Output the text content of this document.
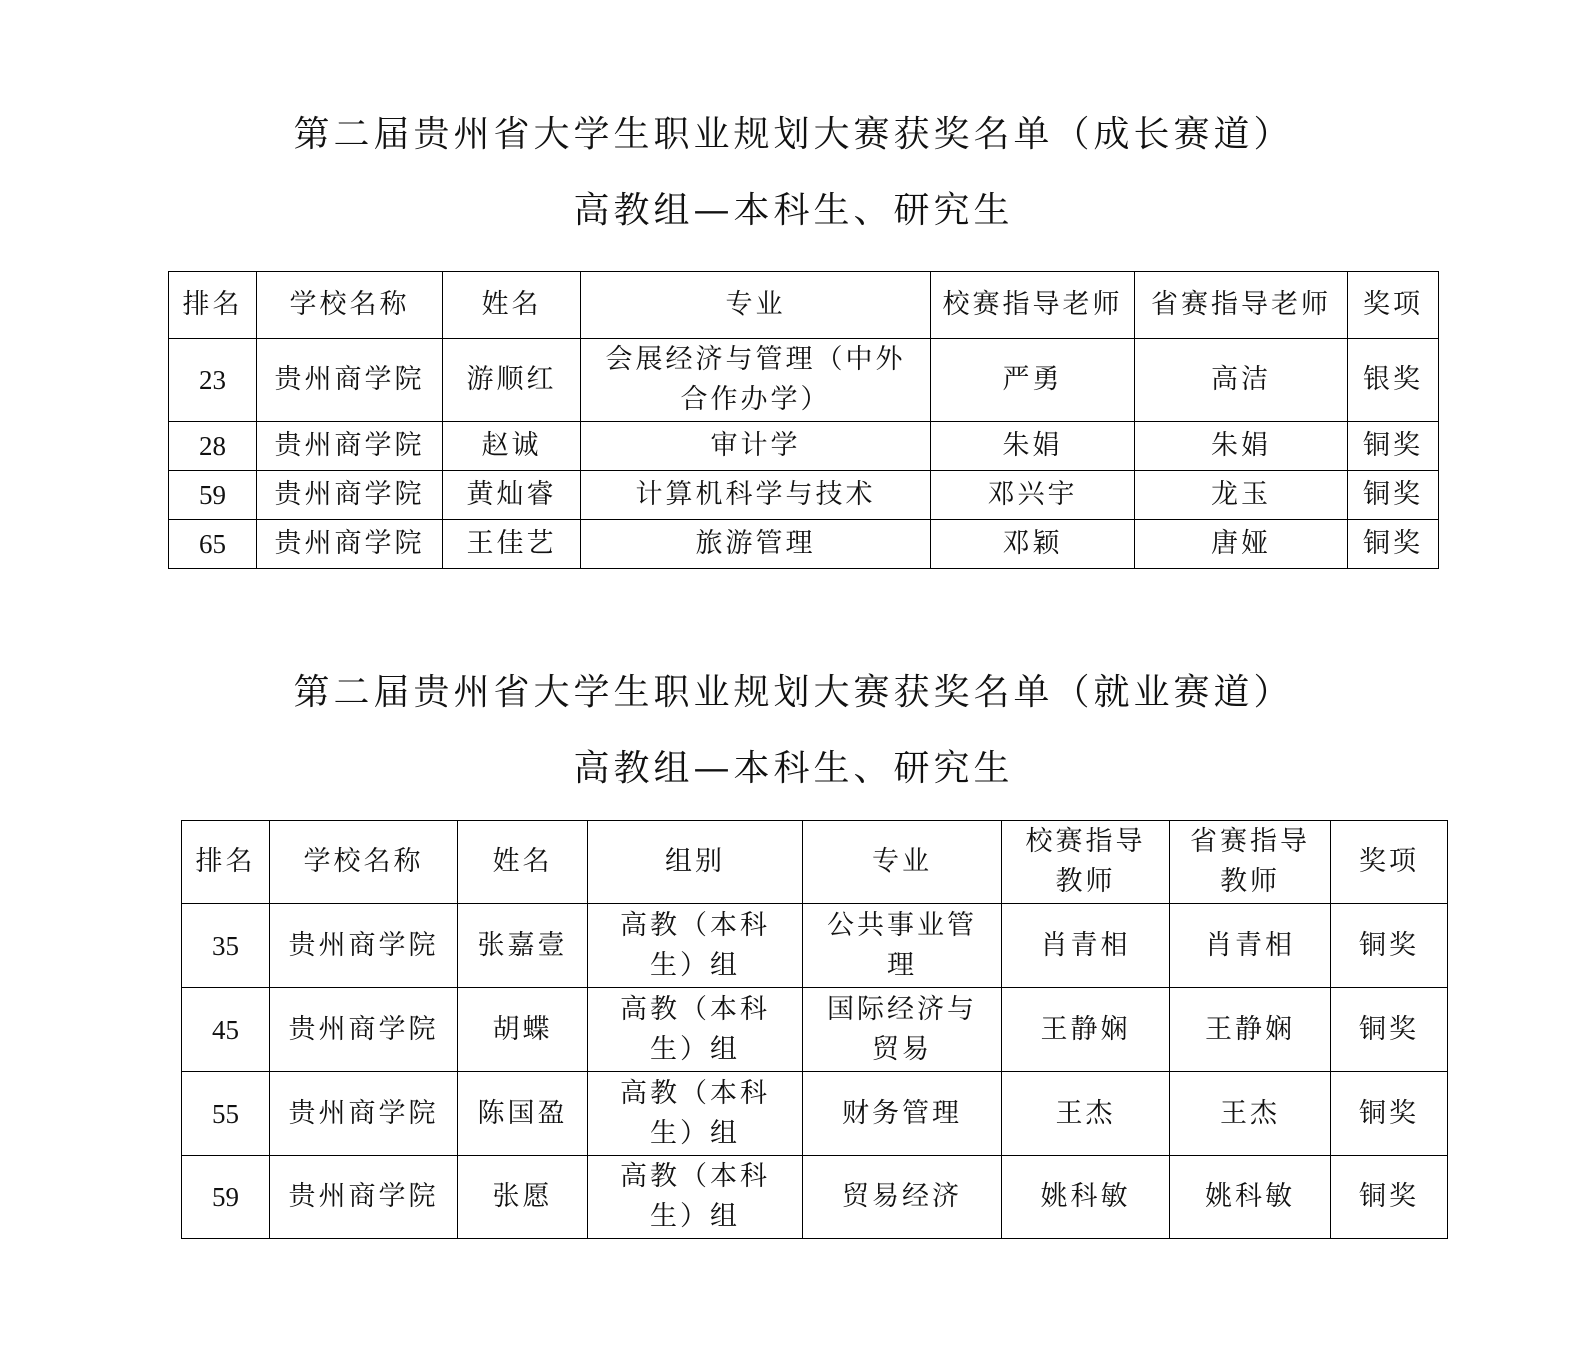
第二届贵州省大学生职业规划大赛获奖名单（成长赛道）
高教组—本科生、研究生
排名	学校名称	姓名	专业	校赛指导老师	省赛指导老师	奖项
23	贵州商学院	游顺红	会展经济与管理（中外合作办学）	严勇	高洁	银奖
28	贵州商学院	赵诚	审计学	朱娟	朱娟	铜奖
59	贵州商学院	黄灿睿	计算机科学与技术	邓兴宇	龙玉	铜奖
65	贵州商学院	王佳艺	旅游管理	邓颖	唐娅	铜奖
第二届贵州省大学生职业规划大赛获奖名单（就业赛道）
高教组—本科生、研究生
排名	学校名称	姓名	组别	专业	校赛指导教师	省赛指导教师	奖项
35	贵州商学院	张嘉壹	高教（本科生）组	公共事业管理	肖青相	肖青相	铜奖
45	贵州商学院	胡蝶	高教（本科生）组	国际经济与贸易	王静娴	王静娴	铜奖
55	贵州商学院	陈国盈	高教（本科生）组	财务管理	王杰	王杰	铜奖
59	贵州商学院	张愿	高教（本科生）组	贸易经济	姚科敏	姚科敏	铜奖
